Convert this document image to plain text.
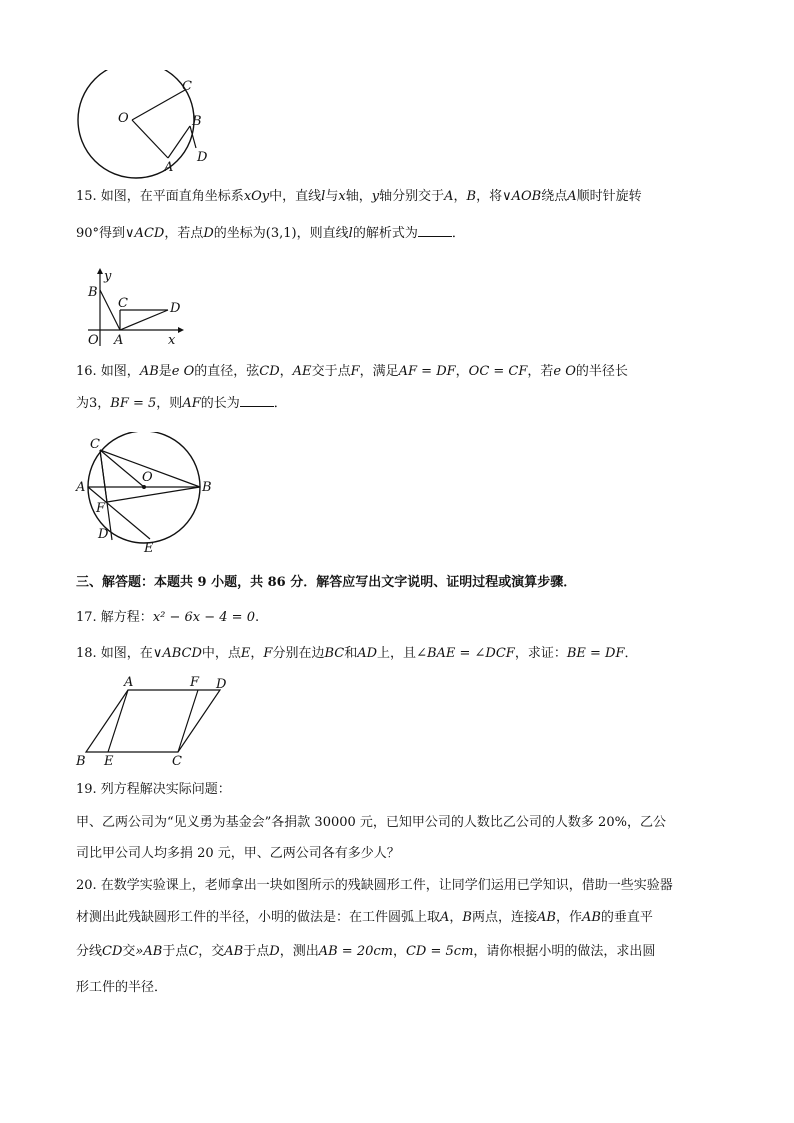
O
C
B
A
D
15. 如图，在平面直角坐标系xOy中，直线l与x轴，y轴分别交于A，B，将∨AOB绕点A顺时针旋转
90°得到∨ACD，若点D的坐标为(3,1)，则直线l的解析式为	．
y
B
C	D
O A	x
16. 如图，AB是e O的直径，弦CD，AE交于点F，满足AF = DF，OC = CF，若e O的半径长
为3，BF = 5，则AF的长为	．
C
O
A	B
F
D
E
三、解答题：本题共 9 小题，共 86 分．解答应写出文字说明、证明过程或演算步骤．
17. 解方程：x² − 6x − 4 = 0.
18. 如图，在∨ABCD中，点E，F分别在边BC和AD上，且∠BAE = ∠DCF，求证：BE = DF．
A	F D
B E	C
19. 列方程解决实际问题：
甲、乙两公司为“见义勇为基金会”各捐款 30000 元，已知甲公司的人数比乙公司的人数多 20%，乙公
司比甲公司人均多捐 20 元，甲、乙两公司各有多少人？
20. 在数学实验课上，老师拿出一块如图所示的残缺圆形工件，让同学们运用已学知识，借助一些实验器
材测出此残缺圆形工件的半径，小明的做法是：在工件圆弧上取A，B两点，连接AB，作AB的垂直平
分线CD交»AB于点C，交AB于点D，测出AB = 20cm，CD = 5cm，请你根据小明的做法，求出圆
形工件的半径．
